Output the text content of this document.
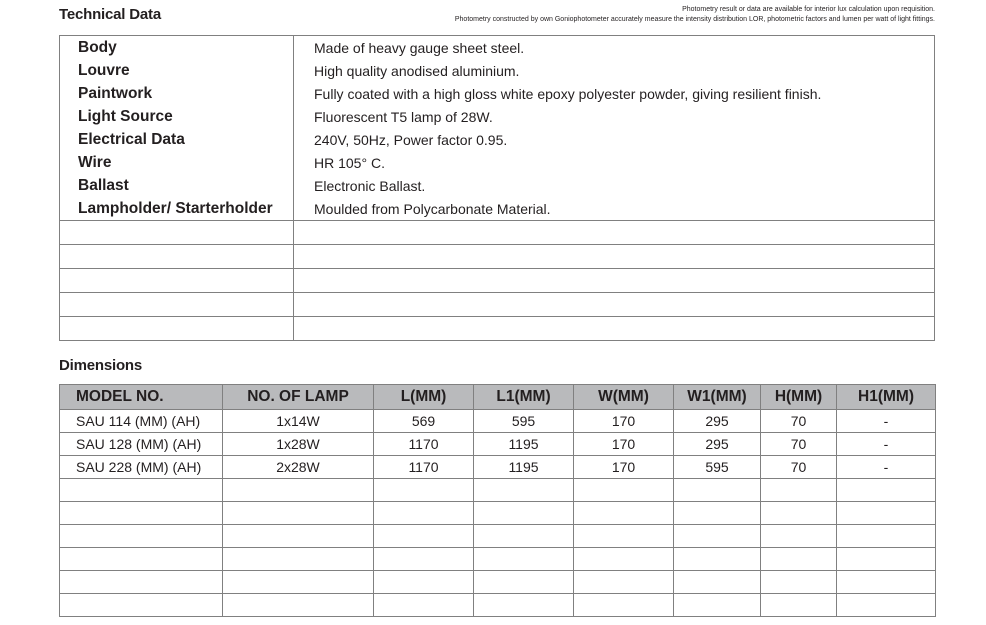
Technical Data	Photometry result or data are available for interior lux calculation upon requisition.
Photometry constructed by own Goniophotometer accurately measure the intensity distribution LOR, photometric factors and lumen per watt of light fittings.
Body	Made of heavy gauge sheet steel.
Louvre	High quality anodised aluminium.
Paintwork	Fully coated with a high gloss white epoxy polyester powder, giving resilient finish.
Light Source	Fluorescent T5 lamp of 28W.
Electrical Data	240V, 50Hz, Power factor 0.95.
Wire	HR 105° C.
Ballast	Electronic Ballast.
Lampholder/ Starterholder	Moulded from Polycarbonate Material.

Dimensions
MODEL NO.	NO. OF LAMP	L(MM)	L1(MM)	W(MM)	W1(MM)	H(MM)	H1(MM)
SAU 114 (MM) (AH)	1x14W	569	595	170	295	70	-
SAU 128 (MM) (AH)	1x28W	1170	1195	170	295	70	-
SAU 228 (MM) (AH)	2x28W	1170	1195	170	595	70	-
